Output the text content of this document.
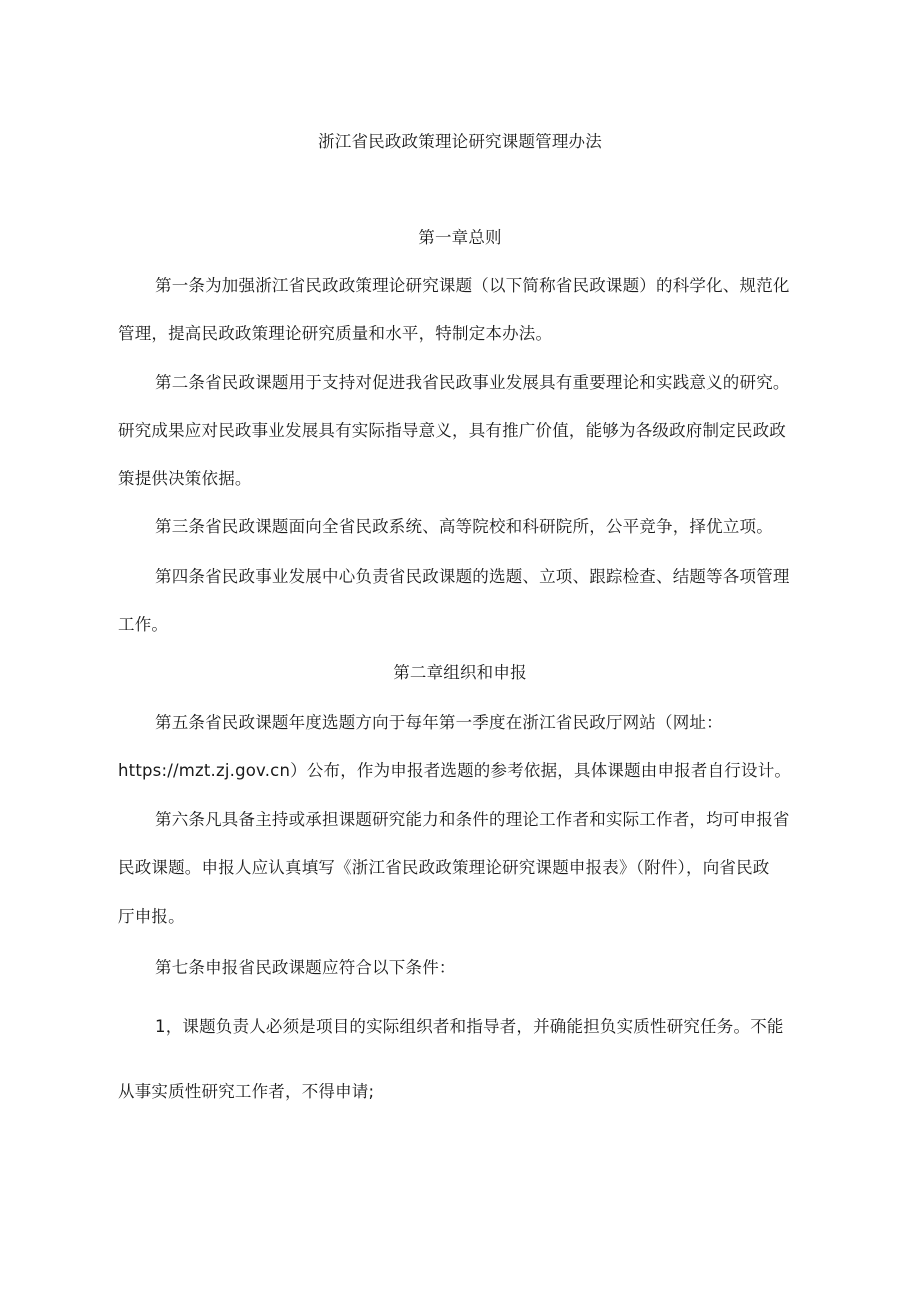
浙江省民政政策理论研究课题管理办法
第一章总则
第一条为加强浙江省民政政策理论研究课题（以下简称省民政课题）的科学化、规范化
管理，提高民政政策理论研究质量和水平，特制定本办法。
第二条省民政课题用于支持对促进我省民政事业发展具有重要理论和实践意义的研究。
研究成果应对民政事业发展具有实际指导意义，具有推广价值，能够为各级政府制定民政政
策提供决策依据。
第三条省民政课题面向全省民政系统、高等院校和科研院所，公平竞争，择优立项。
第四条省民政事业发展中心负责省民政课题的选题、立项、跟踪检查、结题等各项管理
工作。
第二章组织和申报
第五条省民政课题年度选题方向于每年第一季度在浙江省民政厅网站（网址：
https://mzt.zj.gov.cn）公布，作为申报者选题的参考依据，具体课题由申报者自行设计。
第六条凡具备主持或承担课题研究能力和条件的理论工作者和实际工作者，均可申报省
民政课题。申报人应认真填写《浙江省民政政策理论研究课题申报表》（附件），向省民政
厅申报。
第七条申报省民政课题应符合以下条件：
1，课题负责人必须是项目的实际组织者和指导者，并确能担负实质性研究任务。不能
从事实质性研究工作者，不得申请;
